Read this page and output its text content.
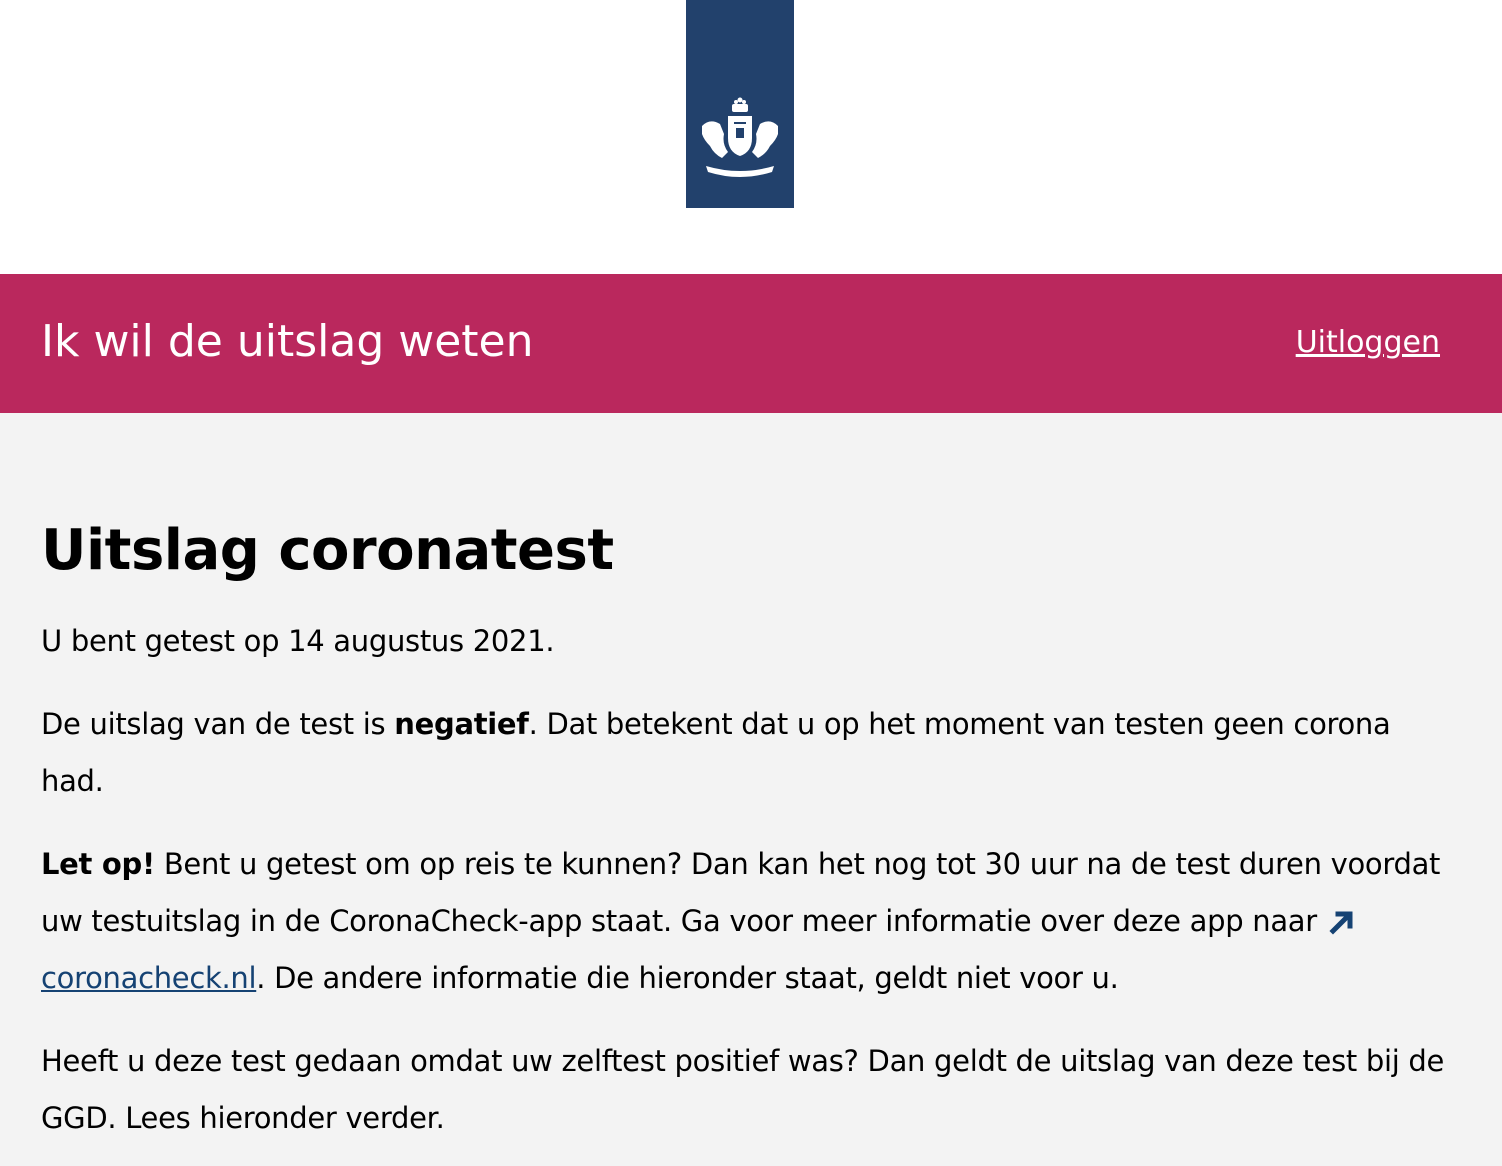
Ik wil de uitslag weten	Uitloggen
Uitslag coronatest

U bent getest op 14 augustus 2021.

De uitslag van de test is negatief. Dat betekent dat u op het moment van testen geen corona had.

Let op! Bent u getest om op reis te kunnen? Dan kan het nog tot 30 uur na de test duren voordat uw testuitslag in de CoronaCheck-app staat. Ga voor meer informatie over deze app naarcoronacheck.nl. De andere informatie die hieronder staat, geldt niet voor u.

Heeft u deze test gedaan omdat uw zelftest positief was? Dan geldt de uitslag van deze test bij de GGD. Lees hieronder verder.
